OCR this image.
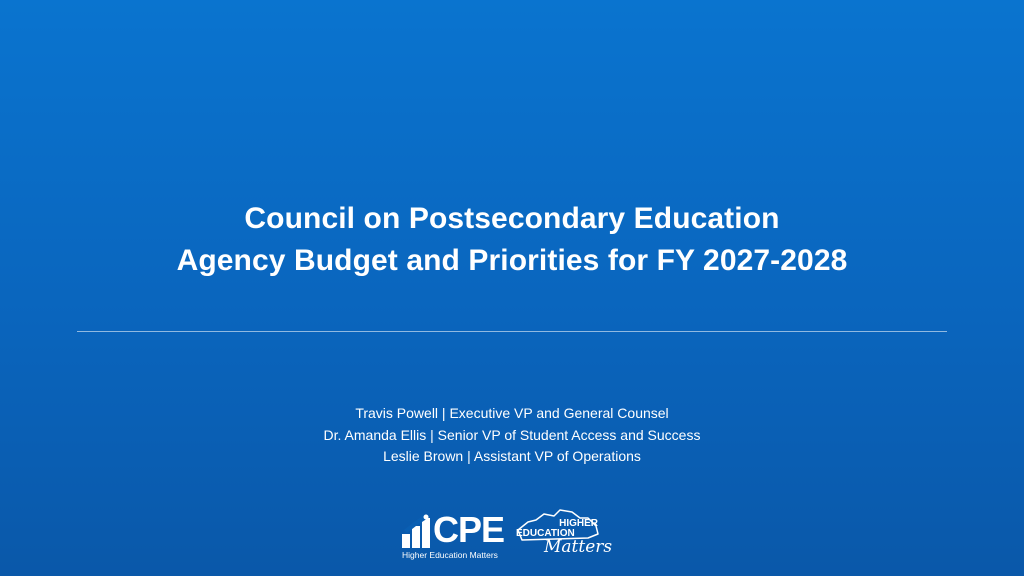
Council on Postsecondary Education
Agency Budget and Priorities for FY 2027-2028
Travis Powell | Executive VP and General Counsel
Dr. Amanda Ellis | Senior VP of Student Access and Success
Leslie Brown | Assistant VP of Operations
CPE
Higher Education Matters
HIGHER
EDUCATION
Matters
